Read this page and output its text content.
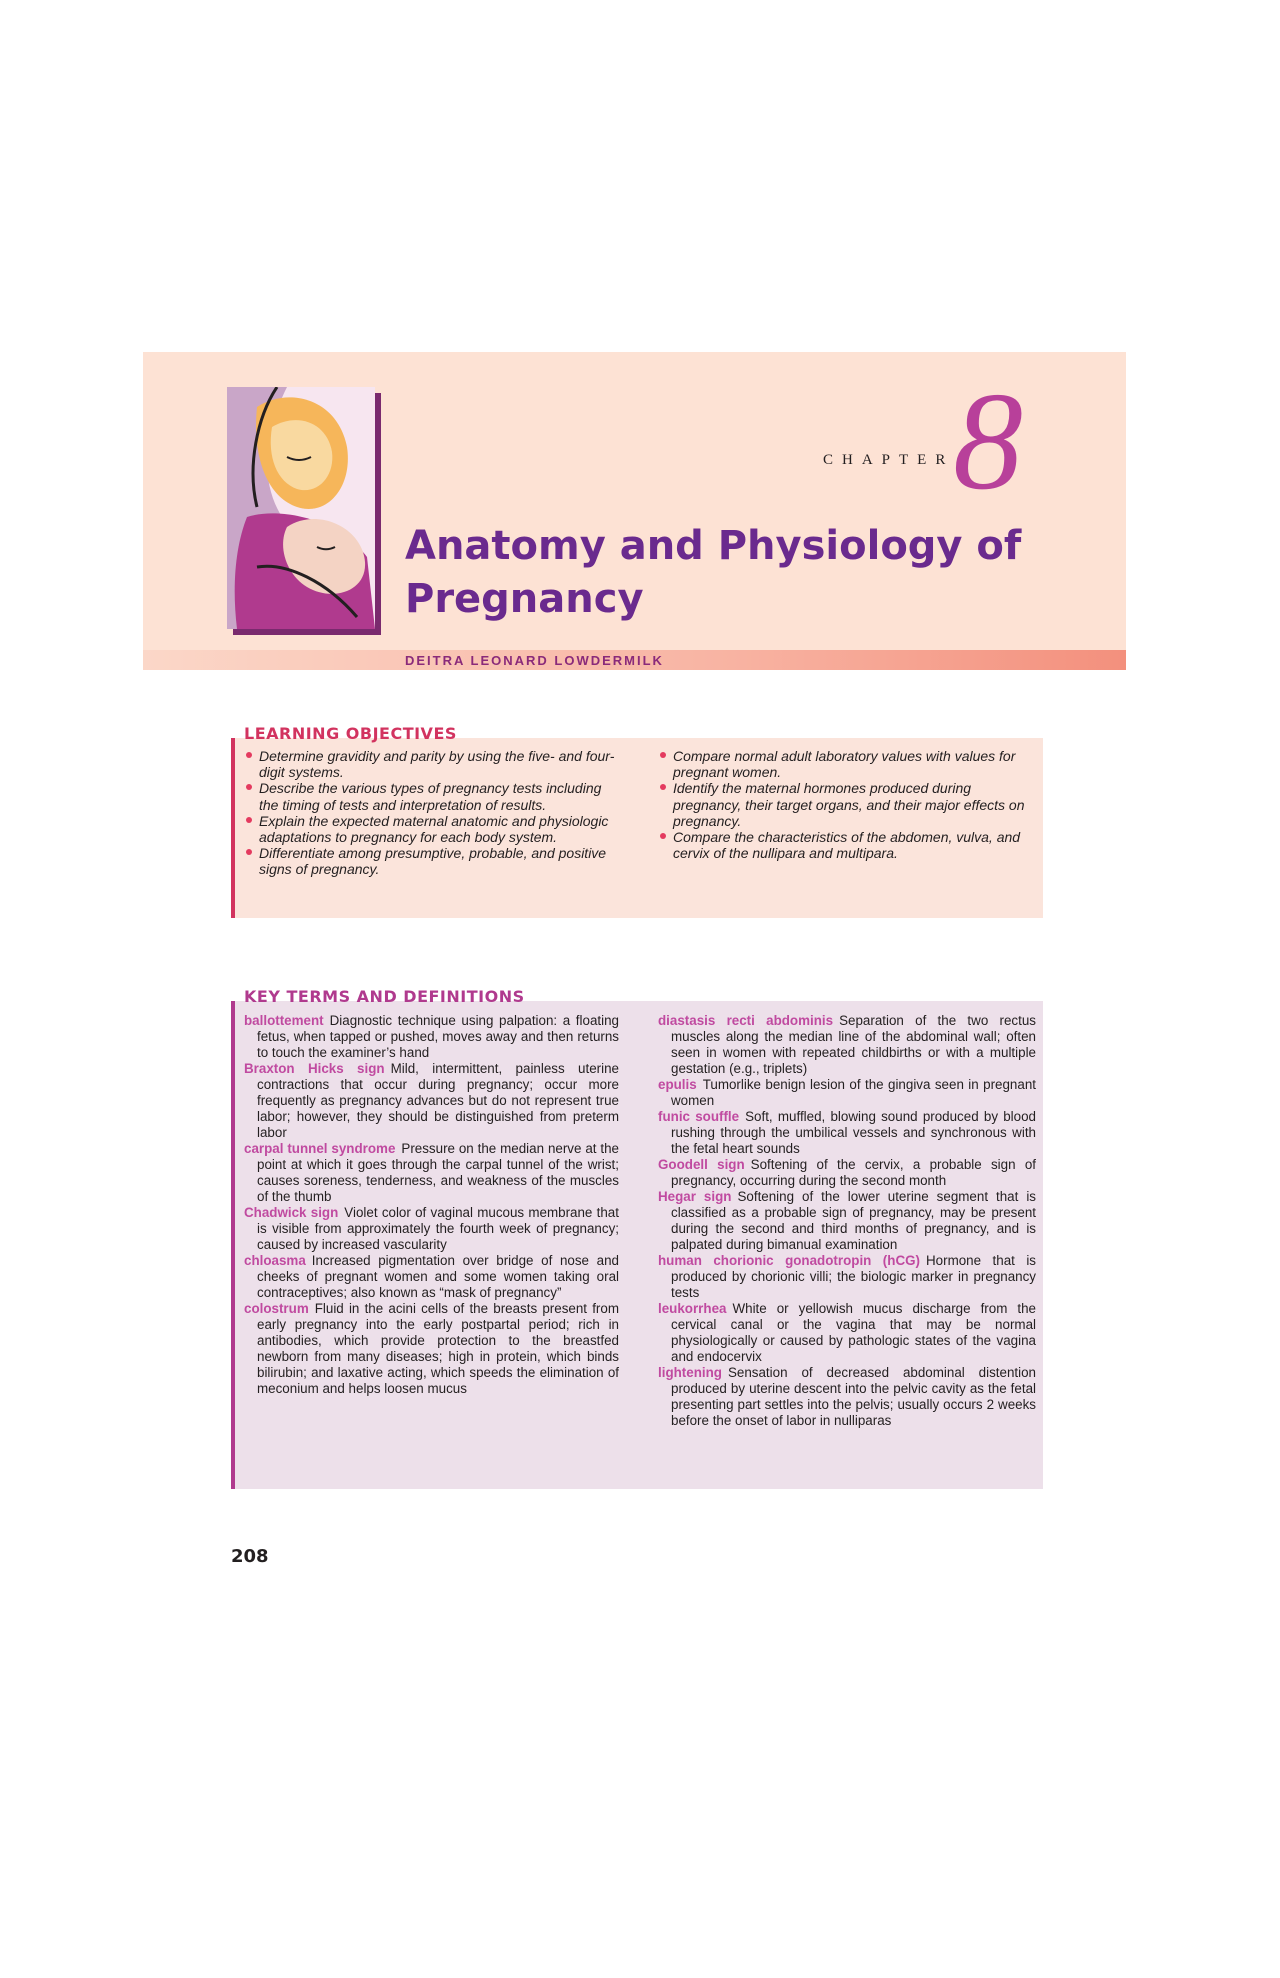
CHAPTER
8
Anatomy and Physiology of Pregnancy
DEITRA LEONARD LOWDERMILK
LEARNING OBJECTIVES
Determine gravidity and parity by using the five- and four-digit systems.
Describe the various types of pregnancy tests including the timing of tests and interpretation of results.
Explain the expected maternal anatomic and physiologic adaptations to pregnancy for each body system.
Differentiate among presumptive, probable, and positive signs of pregnancy.
Compare normal adult laboratory values with values for pregnant women.
Identify the maternal hormones produced during pregnancy, their target organs, and their major effects on pregnancy.
Compare the characteristics of the abdomen, vulva, and cervix of the nullipara and multipara.
KEY TERMS AND DEFINITIONS
ballottement Diagnostic technique using palpation: a floating fetus, when tapped or pushed, moves away and then returns to touch the examiner’s hand
Braxton Hicks sign Mild, intermittent, painless uterine contractions that occur during pregnancy; occur more frequently as pregnancy advances but do not represent true labor; however, they should be distinguished from preterm labor
carpal tunnel syndrome Pressure on the median nerve at the point at which it goes through the carpal tunnel of the wrist; causes soreness, tenderness, and weakness of the muscles of the thumb
Chadwick sign Violet color of vaginal mucous membrane that is visible from approximately the fourth week of pregnancy; caused by increased vascularity
chloasma Increased pigmentation over bridge of nose and cheeks of pregnant women and some women taking oral contraceptives; also known as “mask of pregnancy”
colostrum Fluid in the acini cells of the breasts present from early pregnancy into the early postpartal period; rich in antibodies, which provide protection to the breastfed newborn from many diseases; high in protein, which binds bilirubin; and laxative acting, which speeds the elimination of meconium and helps loosen mucus
diastasis recti abdominis Separation of the two rectus muscles along the median line of the abdominal wall; often seen in women with repeated childbirths or with a multiple gestation (e.g., triplets)
epulis Tumorlike benign lesion of the gingiva seen in pregnant women
funic souffle Soft, muffled, blowing sound produced by blood rushing through the umbilical vessels and synchronous with the fetal heart sounds
Goodell sign Softening of the cervix, a probable sign of pregnancy, occurring during the second month
Hegar sign Softening of the lower uterine segment that is classified as a probable sign of pregnancy, may be present during the second and third months of pregnancy, and is palpated during bimanual examination
human chorionic gonadotropin (hCG) Hormone that is produced by chorionic villi; the biologic marker in pregnancy tests
leukorrhea White or yellowish mucus discharge from the cervical canal or the vagina that may be normal physiologically or caused by pathologic states of the vagina and endocervix
lightening Sensation of decreased abdominal distention produced by uterine descent into the pelvic cavity as the fetal presenting part settles into the pelvis; usually occurs 2 weeks before the onset of labor in nulliparas
208
